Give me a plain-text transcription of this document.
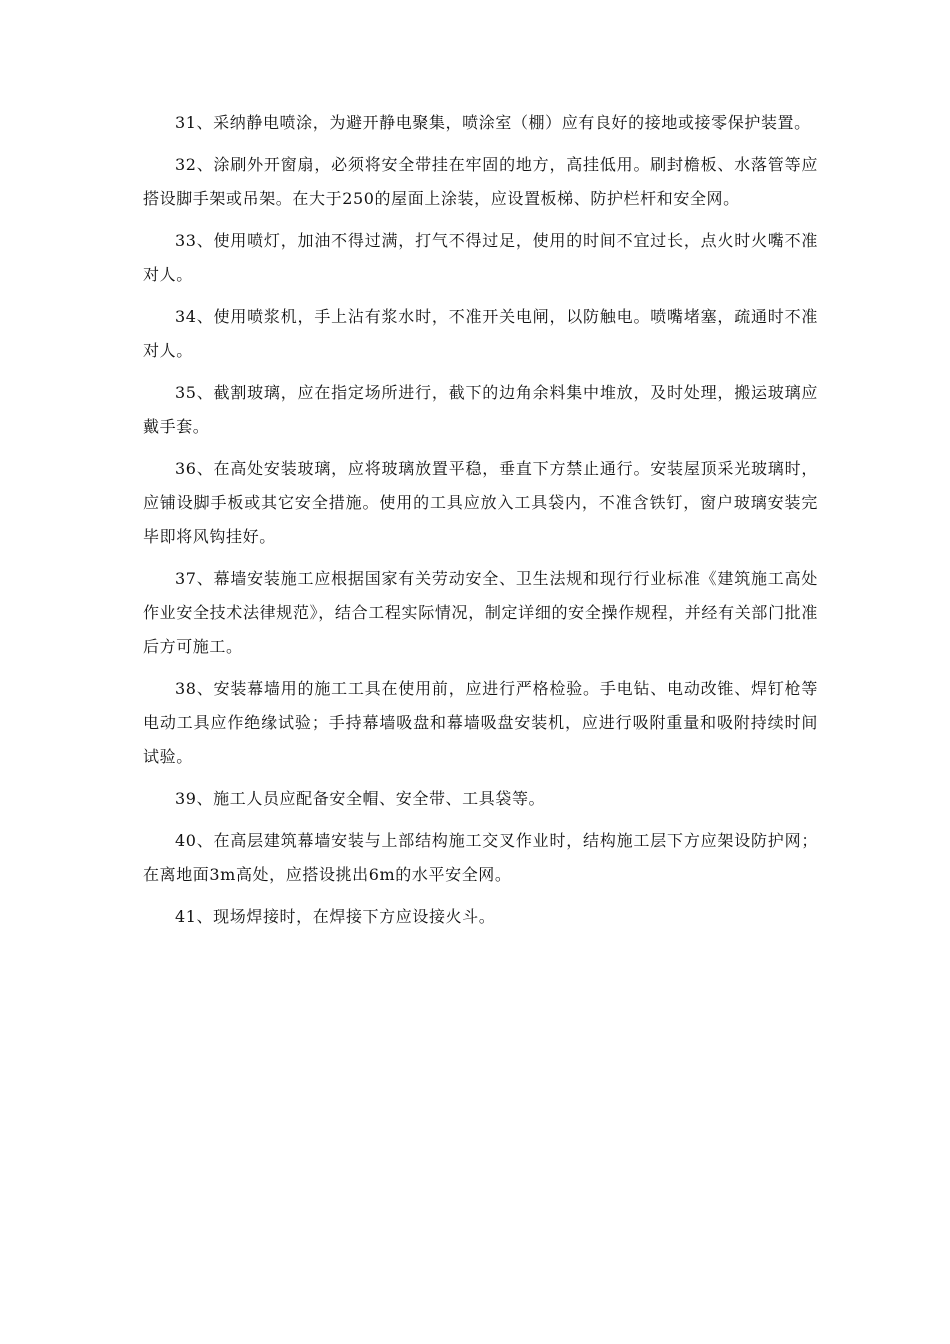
31、采纳静电喷涂，为避开静电聚集，喷涂室（棚）应有良好的接地或接零保护装置。

32、涂刷外开窗扇，必须将安全带挂在牢固的地方，高挂低用。刷封檐板、水落管等应搭设脚手架或吊架。在大于250的屋面上涂装，应设置板梯、防护栏杆和安全网。

33、使用喷灯，加油不得过满，打气不得过足，使用的时间不宜过长，点火时火嘴不准对人。

34、使用喷浆机，手上沾有浆水时，不准开关电闸，以防触电。喷嘴堵塞，疏通时不准对人。

35、截割玻璃，应在指定场所进行，截下的边角余料集中堆放，及时处理，搬运玻璃应戴手套。

36、在高处安装玻璃，应将玻璃放置平稳，垂直下方禁止通行。安装屋顶采光玻璃时，应铺设脚手板或其它安全措施。使用的工具应放入工具袋内，不准含铁钉，窗户玻璃安装完毕即将风钩挂好。

37、幕墙安装施工应根据国家有关劳动安全、卫生法规和现行行业标准《建筑施工高处作业安全技术法律规范》，结合工程实际情况，制定详细的安全操作规程，并经有关部门批准后方可施工。

38、安装幕墙用的施工工具在使用前，应进行严格检验。手电钻、电动改锥、焊钉枪等电动工具应作绝缘试验；手持幕墙吸盘和幕墙吸盘安装机，应进行吸附重量和吸附持续时间试验。

39、施工人员应配备安全帽、安全带、工具袋等。

40、在高层建筑幕墙安装与上部结构施工交叉作业时，结构施工层下方应架设防护网；在离地面3m高处，应搭设挑出6m的水平安全网。

41、现场焊接时，在焊接下方应设接火斗。
